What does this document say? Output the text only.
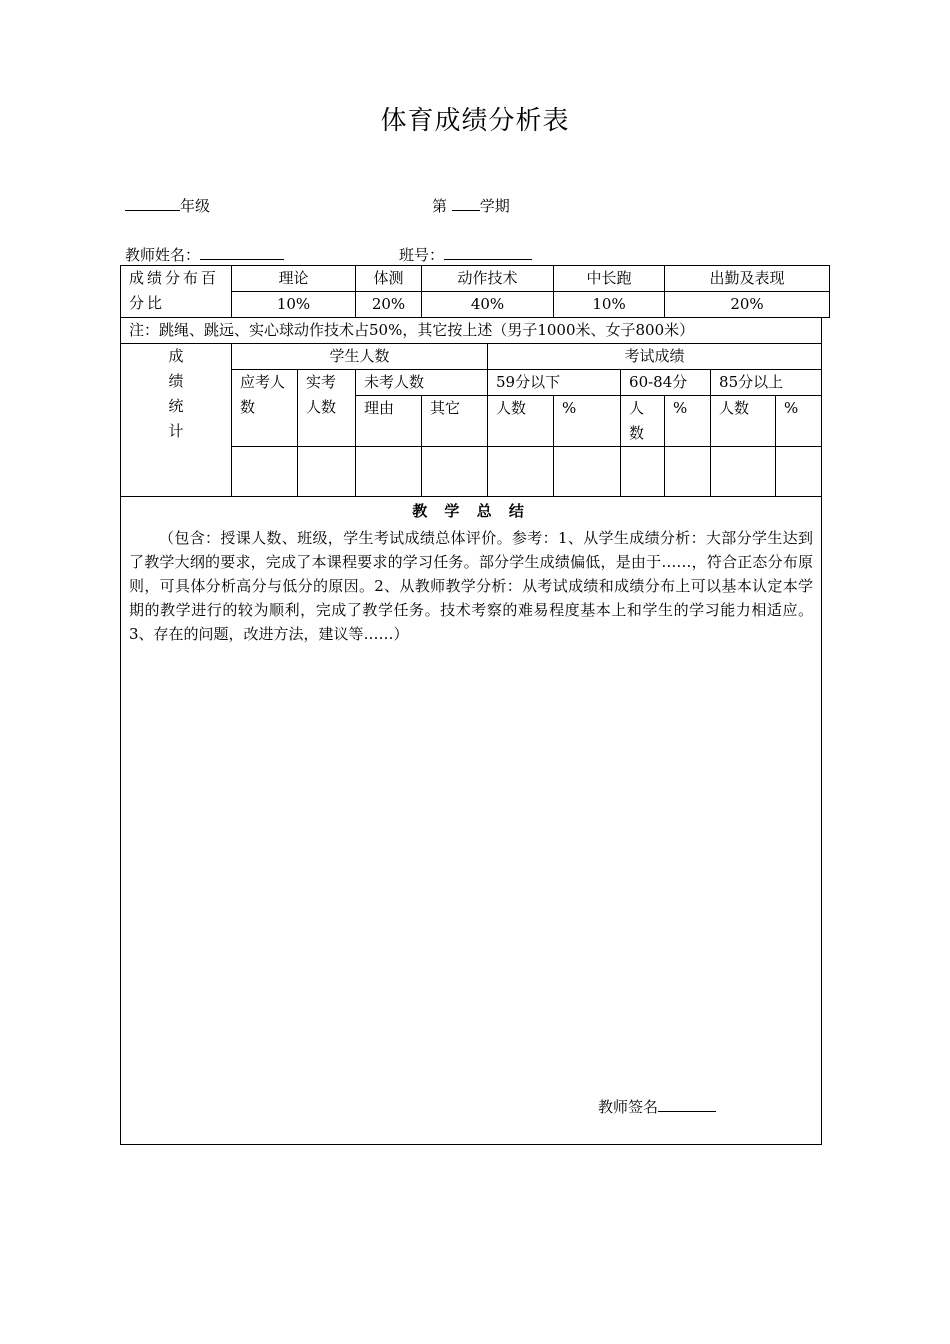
体育成绩分析表
年级	第 学期
教师姓名：	班号：
成绩分布百分比	理论		体测	动作技术		中长跑		出勤及表现		
	10%		20%	40%		10%		20%		
注：跳绳、跳远、实心球动作技术占50%，其它按上述（男子1000米、女子800米）										

成
绩
统
计	学生人数				考试成绩					
	应考人数	实考人数	未考人数		59分以下		60-84分		85分以上	
			理由	其它	人数	%	人数	%	人数	%

教 学 总 结
（包含：授课人数、班级，学生考试成绩总体评价。参考：1、从学生成绩分析：大部分学生达到了教学大纲的要求，完成了本课程要求的学习任务。部分学生成绩偏低，是由于……，符合正态分布原则，可具体分析高分与低分的原因。2、从教师教学分析：从考试成绩和成绩分布上可以基本认定本学期的教学进行的较为顺利，完成了教学任务。技术考察的难易程度基本上和学生的学习能力相适应。3、存在的问题，改进方法，建议等……）
教师签名										
